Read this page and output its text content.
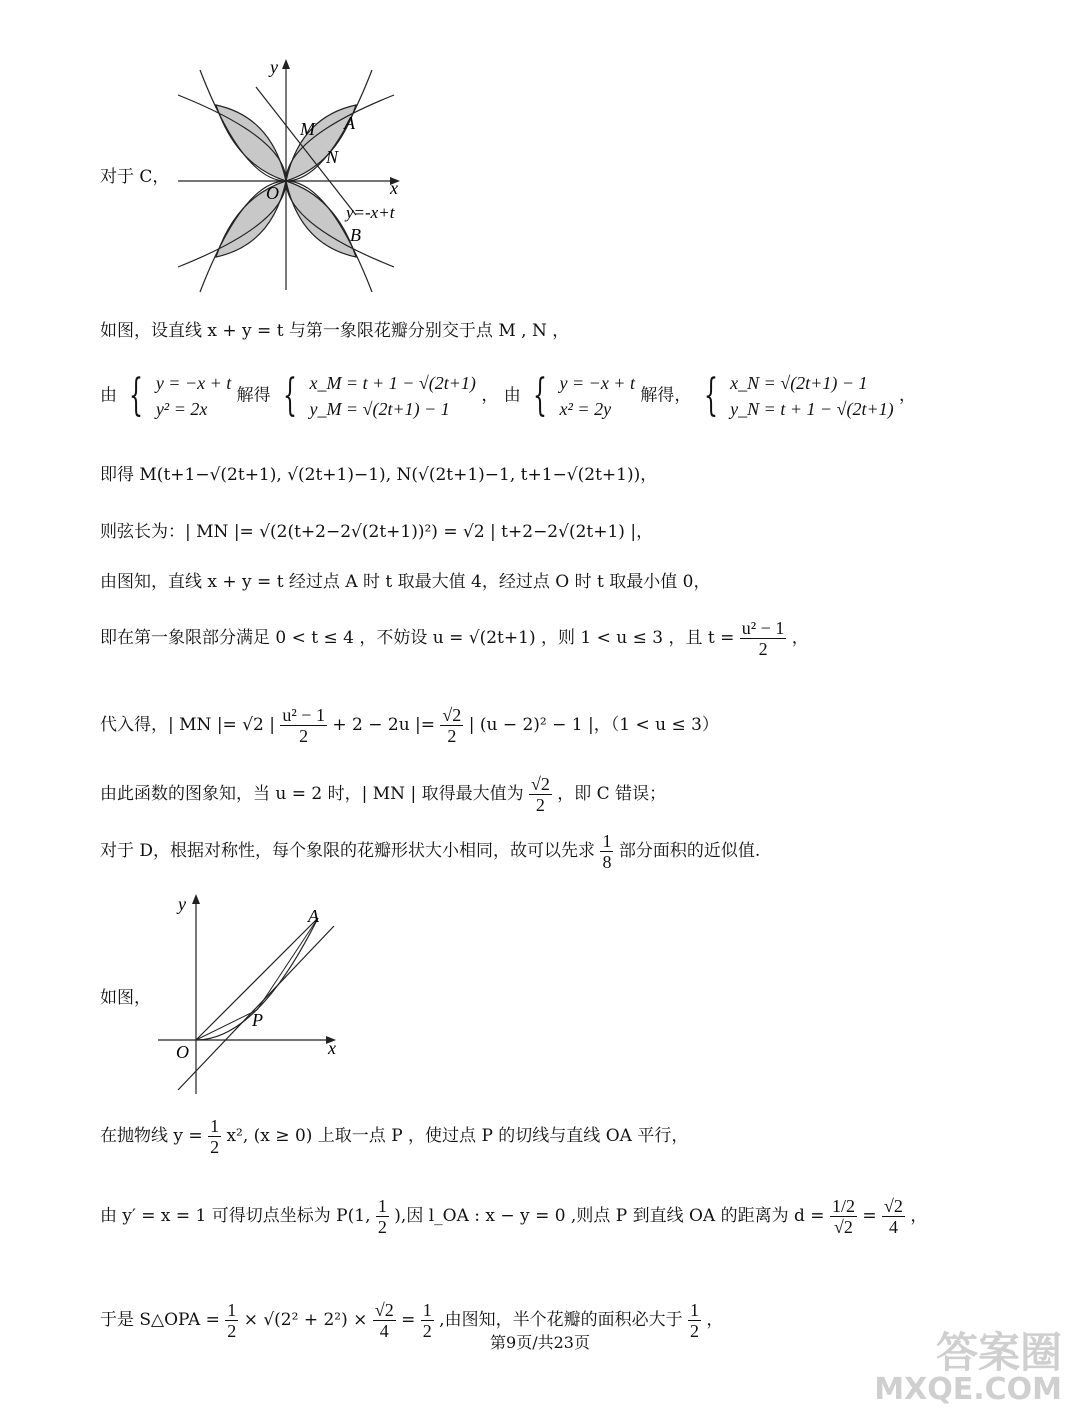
y
M A
N
O	x
y=-x+t
B
对于 C，
如图，设直线 x + y = t 与第一象限花瓣分别交于点 M , N ，
由 { y = −x + t
y² = 2x
解得 { x_M = t + 1 − √(2t+1)
y_M = √(2t+1) − 1
， 由 { y = −x + t
x² = 2y
解得， { x_N = √(2t+1) − 1
y_N = t + 1 − √(2t+1)
，
即得 M(t+1−√(2t+1), √(2t+1)−1), N(√(2t+1)−1, t+1−√(2t+1))，
则弦长为：| MN |= √(2(t+2−2√(2t+1))²) = √2 | t+2−2√(2t+1) |，
由图知，直线 x + y = t 经过点 A 时 t 取最大值 4，经过点 O 时 t 取最小值 0，
即在第一象限部分满足 0 < t ≤ 4 ，不妨设 u = √(2t+1) ，则 1 < u ≤ 3 ，且 $t = \frac{\text{u² − 1}}{2}$ ，
代入得，| MN |= √2 | $\frac{\text{u² − 1}}{2} + 2 - 2u$ |= $\frac{√2}{2}$ | (u − 2)² − 1 |，（1 < u ≤ 3）
由此函数的图象知，当 u = 2 时，| MN | 取得最大值为 $\frac{√2}{2}$ ，即 C 错误；
对于 D，根据对称性，每个象限的花瓣形状大小相同，故可以先求 $\frac{1}{8}$ 部分面积的近似值.
y
A
P
O	x
如图，
在抛物线 $y = \frac{1}{2} x^2$, (x ≥ 0) 上取一点 P ，使过点 P 的切线与直线 OA 平行，
由 y′ = x = 1 可得切点坐标为 P(1, $\frac{1}{2}$ ),因 l_OA : x − y = 0 ,则点 P 到直线 OA 的距离为 $d = \frac{1/2}{√2} = \frac{√2}{4}$ ，
于是 S△OPA = $\frac{1}{2} \times √(2^2 + 2^2) \times \frac{√2}{4} = \frac{1}{2}$ ,由图知，半个花瓣的面积必大于 $\frac{1}{2}$ ，
第9页/共23页	答案圈
MXQE.COM
